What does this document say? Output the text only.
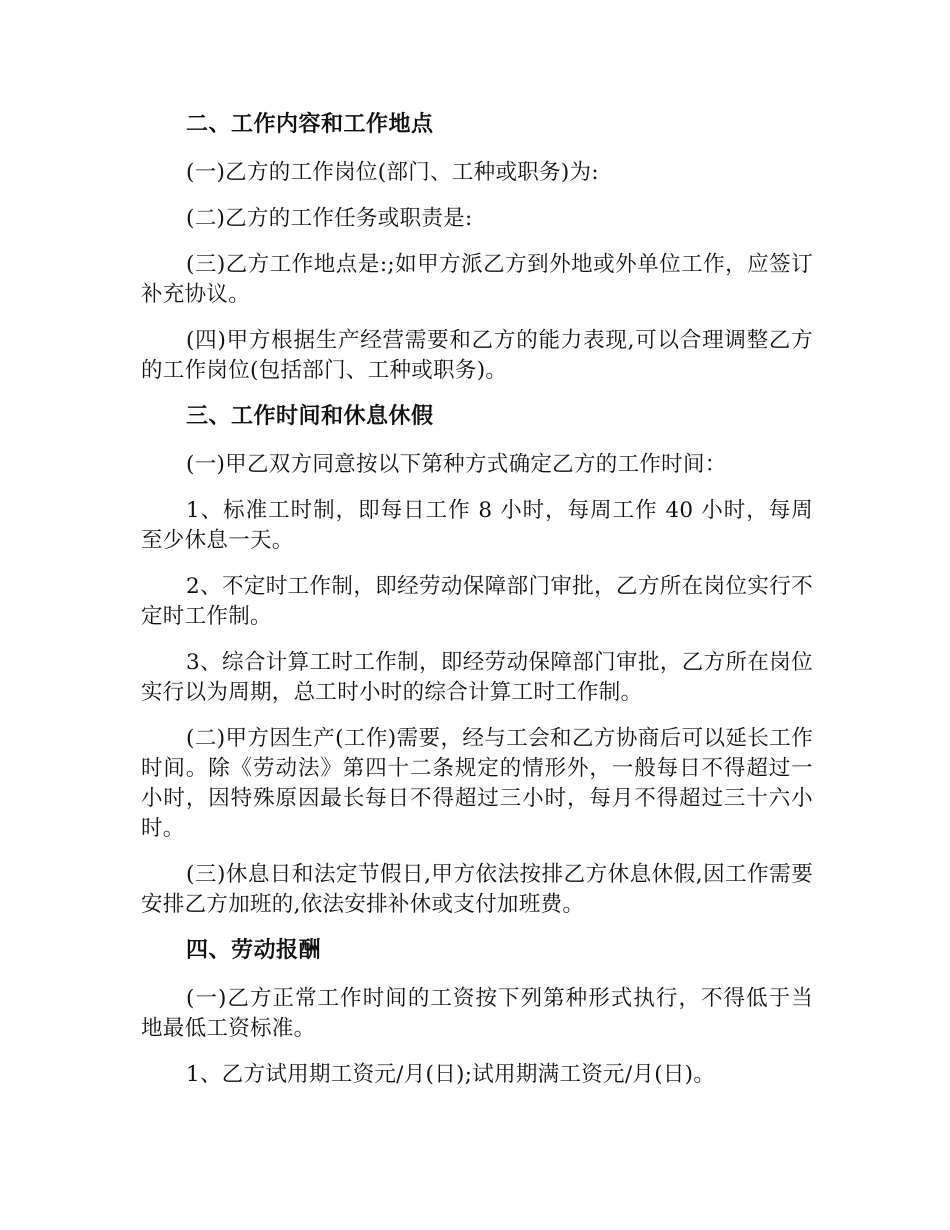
二、工作内容和工作地点

(一)乙方的工作岗位(部门、工种或职务)为:

(二)乙方的工作任务或职责是:

(三)乙方工作地点是:;如甲方派乙方到外地或外单位工作，应签订补充协议。

(四)甲方根据生产经营需要和乙方的能力表现,可以合理调整乙方的工作岗位(包括部门、工种或职务)。

三、工作时间和休息休假

(一)甲乙双方同意按以下第种方式确定乙方的工作时间：

1、标准工时制，即每日工作 8 小时，每周工作 40 小时，每周至少休息一天。

2、不定时工作制，即经劳动保障部门审批，乙方所在岗位实行不定时工作制。

3、综合计算工时工作制，即经劳动保障部门审批，乙方所在岗位实行以为周期，总工时小时的综合计算工时工作制。

(二)甲方因生产(工作)需要，经与工会和乙方协商后可以延长工作时间。除《劳动法》第四十二条规定的情形外，一般每日不得超过一小时，因特殊原因最长每日不得超过三小时，每月不得超过三十六小时。

(三)休息日和法定节假日,甲方依法按排乙方休息休假,因工作需要安排乙方加班的,依法安排补休或支付加班费。

四、劳动报酬

(一)乙方正常工作时间的工资按下列第种形式执行，不得低于当地最低工资标准。

1、乙方试用期工资元/月(日);试用期满工资元/月(日)。
